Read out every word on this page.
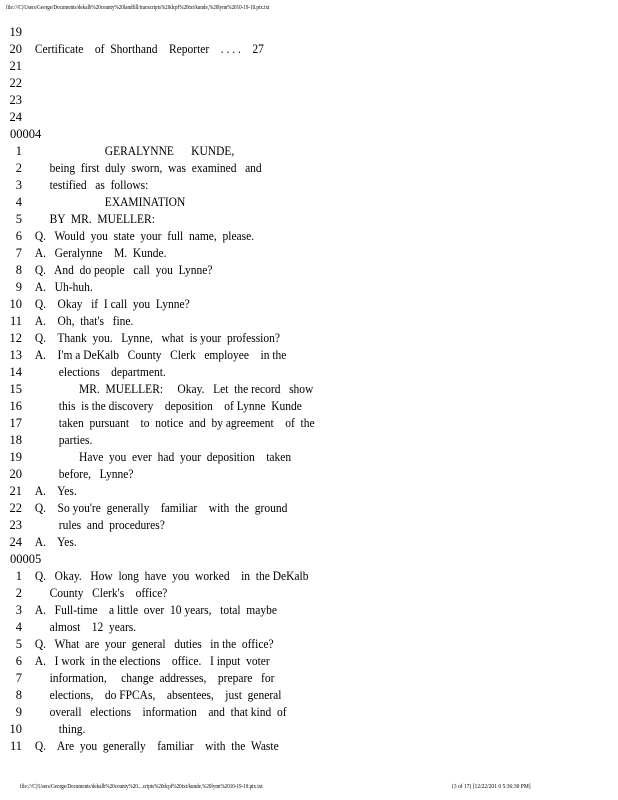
file:///C|/Users/George/Documents/dekalb%20county%20landfill/transcripts%20dcpf%20txt/kunde,%20lynn%2010-19-10.ptx.txt
19
20	Certificate    of  Shorthand    Reporter    . . . .    27
21
22
23
24
00004
1	GERALYNNE      KUNDE,
2	being  first  duly  sworn,  was  examined   and
3	testified   as  follows:
4	EXAMINATION
5	BY  MR.  MUELLER:
6	Q.   Would  you  state  your  full  name,  please.
7	A.   Geralynne    M.  Kunde.
8	Q.   And  do people   call  you  Lynne?
9	A.   Uh-huh.
10	Q.    Okay   if  I call  you  Lynne?
11	A.    Oh,  that's   fine.
12	Q.    Thank  you.   Lynne,   what  is your  profession?
13	A.    I'm a DeKalb   County   Clerk   employee    in the
14	elections    department.
15	MR.  MUELLER:     Okay.   Let  the record   show
16	this  is the discovery    deposition    of Lynne  Kunde
17	taken  pursuant    to  notice  and  by agreement    of  the
18	parties.
19	Have  you  ever  had  your  deposition    taken
20	before,   Lynne?
21	A.    Yes.
22	Q.    So you're  generally    familiar    with  the  ground
23	rules  and  procedures?
24	A.    Yes.
00005
1	Q.   Okay.   How  long  have  you  worked    in  the DeKalb
2	County   Clerk's    office?
3	A.   Full-time    a little  over  10 years,   total  maybe
4	almost    12  years.
5	Q.   What  are  your  general   duties   in the  office?
6	A.   I work  in the elections    office.   I input  voter
7	information,     change  addresses,    prepare   for
8	elections,    do FPCAs,    absentees,    just  general
9	overall   elections    information    and  that kind  of
10	thing.
11	Q.    Are  you  generally    familiar    with  the  Waste
file:///C|/Users/George/Documents/dekalb%20county%20....cripts%20dcpf%20txt/kunde,%20lynn%2010-19-10.ptx.txt	(3 of 17) [12/22/201 0 5:36:30 PM]
